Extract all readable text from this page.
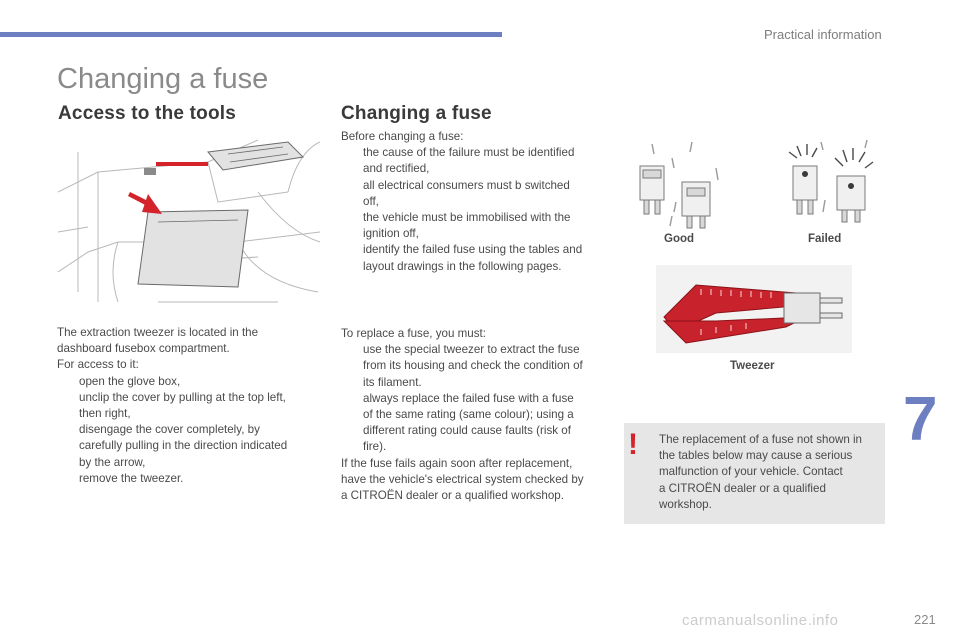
Practical information
Changing a fuse
Access to the tools

The extraction tweezer is located in the

dashboard fusebox compartment.

For access to it:

open the glove box,
unclip the cover by pulling at the top left,
then right,
disengage the cover completely, by
carefully pulling in the direction indicated
by the arrow,
remove the tweezer.
Changing a fuse

Before changing a fuse:

the cause of the failure must be identified
and rectified,
all electrical consumers must b switched
off,
the vehicle must be immobilised with the
ignition off,
identify the failed fuse using the tables and
layout drawings in the following pages.

To replace a fuse, you must:

use the special tweezer to extract the fuse
from its housing and check the condition of
its filament.
always replace the failed fuse with a fuse
of the same rating (same colour); using a
different rating could cause faults (risk of
fire).

If the fuse fails again soon after replacement,

have the vehicle's electrical system checked by

a CITROËN dealer or a qualified workshop.

Good	Failed
Tweezer
! The replacement of a fuse not shown in
the tables below may cause a serious
malfunction of your vehicle. Contact
a CITROËN dealer or a qualified
workshop.
7
carmanualsonline.info	221
